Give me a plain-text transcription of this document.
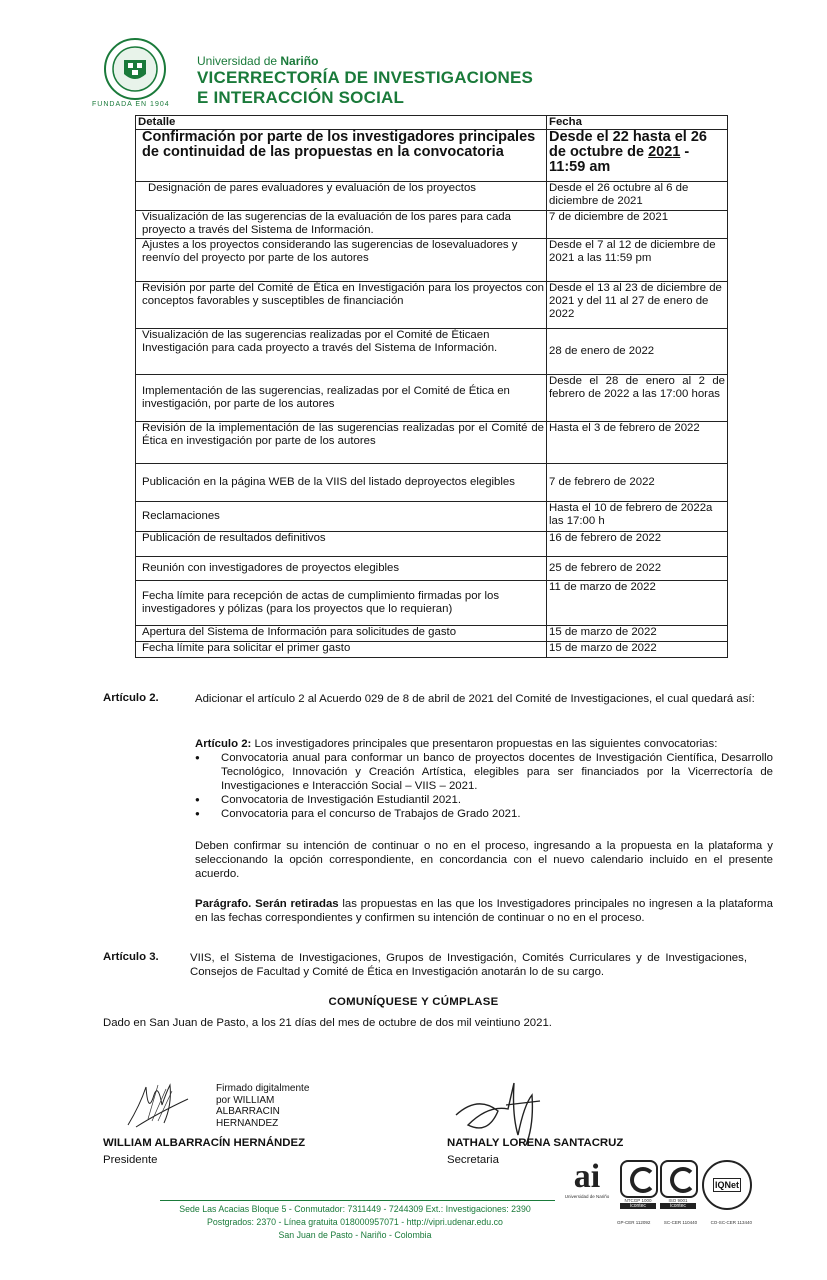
FUNDADA EN 1904
Universidad de Nariño
VICERRECTORÍA DE INVESTIGACIONES
E INTERACCIÓN SOCIAL
Detalle	Fecha
Confirmación por parte de los investigadores principales de continuidad de las propuestas en la convocatoria	Desde el 22 hasta el 26 de octubre de 2021 - 11:59 am
Designación de pares evaluadores y evaluación de los proyectos	Desde el 26 octubre al 6 de diciembre de 2021
Visualización de las sugerencias de la evaluación de los pares para cada proyecto a través del Sistema de Información.	7 de diciembre de 2021
Ajustes a los proyectos considerando las sugerencias de losevaluadores y reenvío del proyecto por parte de los autores	Desde el 7 al 12 de diciembre de 2021 a las 11:59 pm
Revisión por parte del Comité de Ética en Investigación para los proyectos con conceptos favorables y susceptibles de financiación	Desde el 13 al 23 de diciembre de 2021 y del 11 al 27 de enero de 2022
Visualización de las sugerencias realizadas por el Comité de Éticaen Investigación para cada proyecto a través del Sistema de Información.	28 de enero de 2022
Implementación de las sugerencias, realizadas por el Comité de Ética en investigación, por parte de los autores	Desde el 28 de enero al 2 de febrero de 2022 a las 17:00 horas
Revisión de la implementación de las sugerencias realizadas por el Comité de Ética en investigación por parte de los autores	Hasta el 3 de febrero de 2022
Publicación en la página WEB de la VIIS del listado deproyectos elegibles	7 de febrero de 2022
Reclamaciones	Hasta el 10 de febrero de 2022a las 17:00 h
Publicación de resultados definitivos	16 de febrero de 2022
Reunión con investigadores de proyectos elegibles	25 de febrero de 2022
Fecha límite para recepción de actas de cumplimiento firmadas por los investigadores y pólizas (para los proyectos que lo requieran)	11 de marzo de 2022
Apertura del Sistema de Información para solicitudes de gasto	15 de marzo de 2022
Fecha límite para solicitar el primer gasto	15 de marzo de 2022
Artículo 2.	Adicionar el artículo 2 al Acuerdo 029 de 8 de abril de 2021 del Comité de Investigaciones, el cual quedará así:
Artículo 2: Los investigadores principales que presentaron propuestas en las siguientes convocatorias:
● Convocatoria anual para conformar un banco de proyectos docentes de Investigación Científica, Desarrollo Tecnológico, Innovación y Creación Artística, elegibles para ser financiados por la Vicerrectoría de Investigaciones e Interacción Social – VIIS – 2021.
● Convocatoria de Investigación Estudiantil 2021.
● Convocatoria para el concurso de Trabajos de Grado 2021.
Deben confirmar su intención de continuar o no en el proceso, ingresando a la propuesta en la plataforma y seleccionando la opción correspondiente, en concordancia con el nuevo calendario incluido en el presente acuerdo.
Parágrafo. Serán retiradas las propuestas en las que los Investigadores principales no ingresen a la plataforma en las fechas correspondientes y confirmen su intención de continuar o no en el proceso.
Artículo 3.	VIIS, el Sistema de Investigaciones, Grupos de Investigación, Comités Curriculares y de Investigaciones, Consejos de Facultad y Comité de Ética en Investigación anotarán lo de su cargo.
COMUNÍQUESE Y CÚMPLASE
Dado en San Juan de Pasto, a los 21 días del mes de octubre de dos mil veintiuno 2021.
Firmado digitalmente
por WILLIAM
ALBARRACIN
HERNANDEZ
WILLIAM ALBARRACÍN HERNÁNDEZ
Presidente
NATHALY LORENA SANTACRUZ
Secretaria	ai
Universidad de Nariño
NTCGP 1000
icontec
ISO 9001
icontec
IQNet
GP-CER 112092	SC-CER 110440	CO-SC-CER 113440
Sede Las Acacias Bloque 5 - Conmutador: 7311449 - 7244309 Ext.: Investigaciones: 2390
Postgrados: 2370 - Línea gratuita 018000957071 - http://vipri.udenar.edu.co
San Juan de Pasto - Nariño - Colombia
